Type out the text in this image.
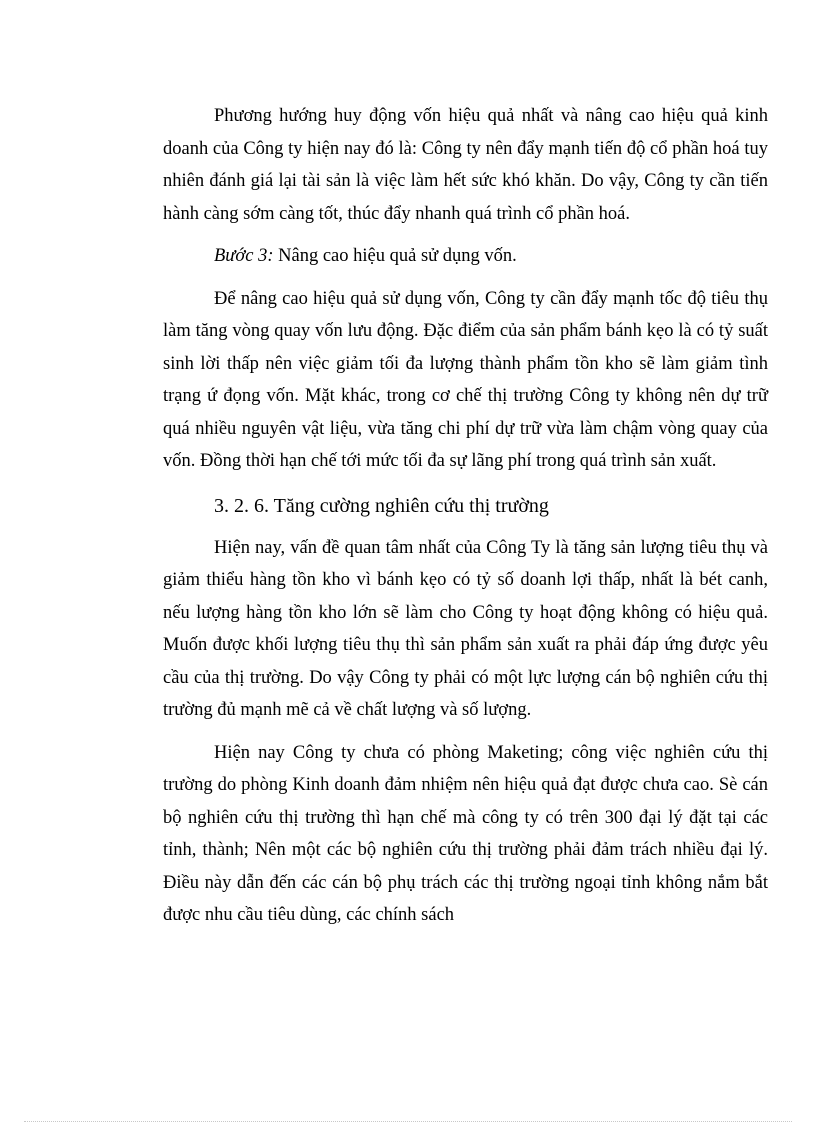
Phương hướng huy động vốn hiệu quả nhất và nâng cao hiệu quả kinh doanh của Công ty hiện nay đó là: Công ty nên đẩy mạnh tiến độ cổ phần hoá tuy nhiên đánh giá lại tài sản là việc làm hết sức khó khăn. Do vậy, Công ty cần tiến hành càng sớm càng tốt, thúc đẩy nhanh quá trình cổ phần hoá.

Bước 3: Nâng cao hiệu quả sử dụng vốn.

Để nâng cao hiệu quả sử dụng vốn, Công ty cần đẩy mạnh tốc độ tiêu thụ làm tăng vòng quay vốn lưu động. Đặc điểm của sản phẩm bánh kẹo là có tỷ suất sinh lời thấp nên việc giảm tối đa lượng thành phẩm tồn kho sẽ làm giảm tình trạng ứ đọng vốn. Mặt khác, trong cơ chế thị trường Công ty không nên dự trữ quá nhiều nguyên vật liệu, vừa tăng chi phí dự trữ vừa làm chậm vòng quay của vốn. Đồng thời hạn chế tới mức tối đa sự lãng phí trong quá trình sản xuất.

3. 2. 6. Tăng cường nghiên cứu thị trường

Hiện nay, vấn đề quan tâm nhất của Công Ty là tăng sản lượng tiêu thụ và giảm thiểu hàng tồn kho vì bánh kẹo có tỷ số doanh lợi thấp, nhất là bét canh, nếu lượng hàng tồn kho lớn sẽ làm cho Công ty hoạt động không có hiệu quả. Muốn được khối lượng tiêu thụ thì sản phẩm sản xuất ra phải đáp ứng được yêu cầu của thị trường. Do vậy Công ty phải có một lực lượng cán bộ nghiên cứu thị trường đủ mạnh mẽ cả về chất lượng và số lượng.

Hiện nay Công ty chưa có phòng Maketing; công việc nghiên cứu thị trường do phòng Kinh doanh đảm nhiệm nên hiệu quả đạt được chưa cao. Sè cán bộ nghiên cứu thị trường thì hạn chế mà công ty có trên 300 đại lý đặt tại các tỉnh, thành; Nên một các bộ nghiên cứu thị trường phải đảm trách nhiều đại lý. Điều này dẫn đến các cán bộ phụ trách các thị trường ngoại tỉnh không nắm bắt được nhu cầu tiêu dùng, các chính sách
